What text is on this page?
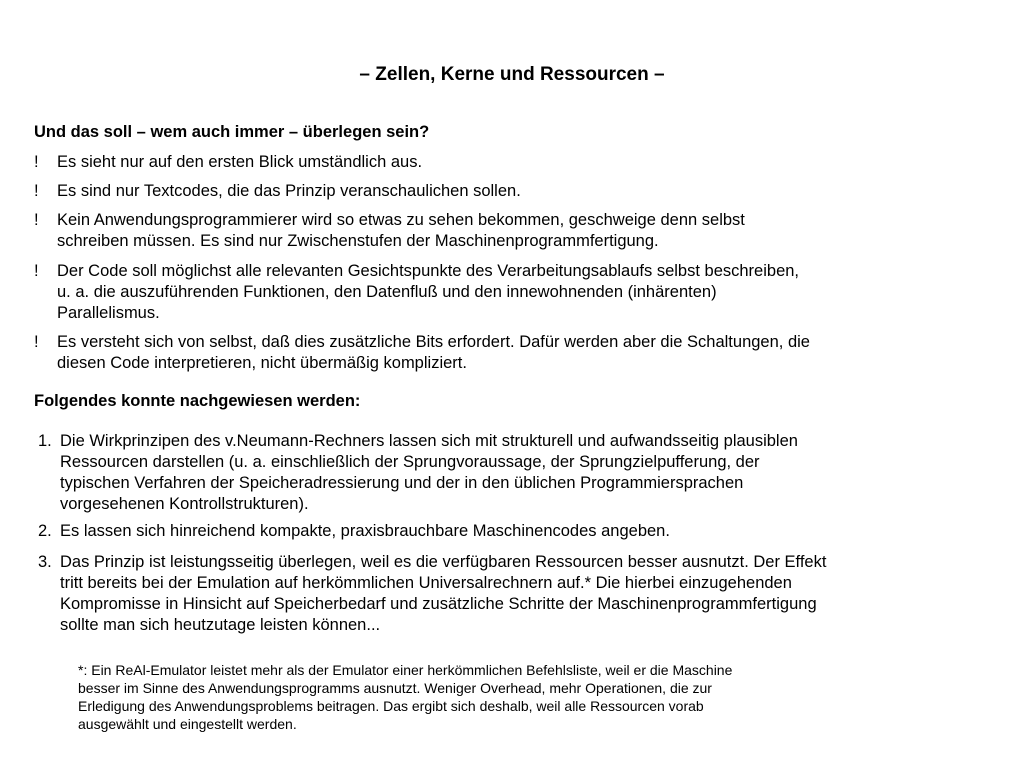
– Zellen, Kerne und Ressourcen –
Und das soll – wem auch immer – überlegen sein?
!	Es sieht nur auf den ersten Blick umständlich aus.
!	Es sind nur Textcodes, die das Prinzip veranschaulichen sollen.
!	Kein Anwendungsprogrammierer wird so etwas zu sehen bekommen, geschweige denn selbst
schreiben müssen. Es sind nur Zwischenstufen der Maschinenprogrammfertigung.
!	Der Code soll möglichst alle relevanten Gesichtspunkte des Verarbeitungsablaufs selbst beschreiben,
u. a. die auszuführenden Funktionen, den Datenfluß und den innewohnenden (inhärenten)
Parallelismus.
!	Es versteht sich von selbst, daß dies zusätzliche Bits erfordert. Dafür werden aber die Schaltungen, die
diesen Code interpretieren, nicht übermäßig kompliziert.
Folgendes konnte nachgewiesen werden:
1. Die Wirkprinzipen des v.Neumann-Rechners lassen sich mit strukturell und aufwandsseitig plausiblen
Ressourcen darstellen (u. a. einschließlich der Sprungvoraussage, der Sprungzielpufferung, der
typischen Verfahren der Speicheradressierung und der in den üblichen Programmiersprachen
vorgesehenen Kontrollstrukturen).
2. Es lassen sich hinreichend kompakte, praxisbrauchbare Maschinencodes angeben.
3. Das Prinzip ist leistungsseitig überlegen, weil es die verfügbaren Ressourcen besser ausnutzt. Der Effekt
tritt bereits bei der Emulation auf herkömmlichen Universalrechnern auf.* Die hierbei einzugehenden
Kompromisse in Hinsicht auf Speicherbedarf und zusätzliche Schritte der Maschinenprogrammfertigung
sollte man sich heutzutage leisten können...
*: Ein ReAl-Emulator leistet mehr als der Emulator einer herkömmlichen Befehlsliste, weil er die Maschine
besser im Sinne des Anwendungsprogramms ausnutzt. Weniger Overhead, mehr Operationen, die zur
Erledigung des Anwendungsproblems beitragen. Das ergibt sich deshalb, weil alle Ressourcen vorab
ausgewählt und eingestellt werden.
